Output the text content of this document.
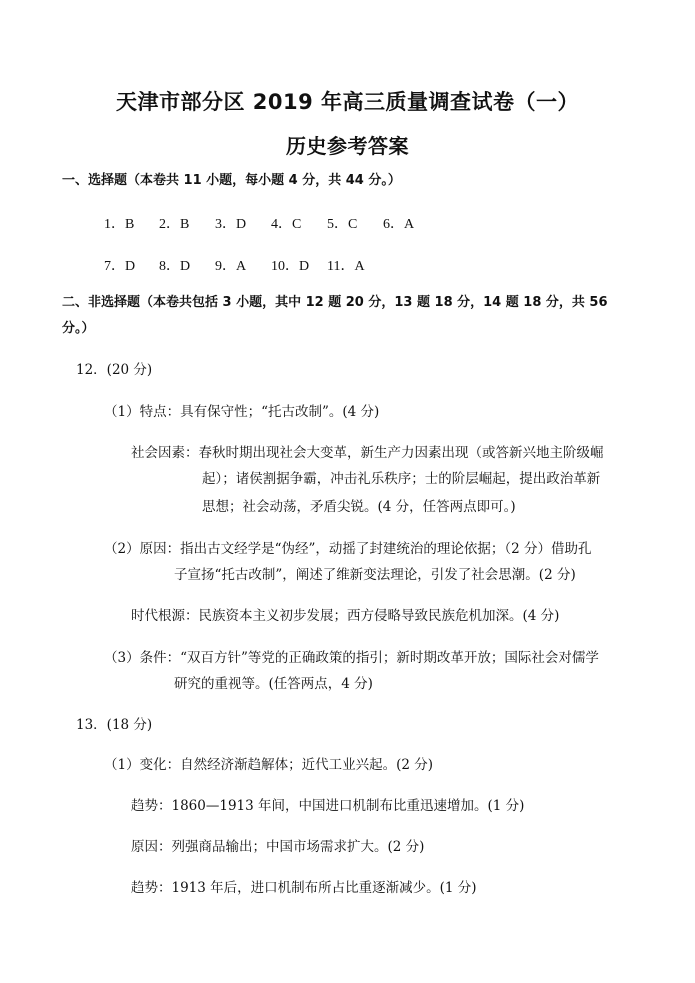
天津市部分区 2019 年高三质量调查试卷（一）
历史参考答案
一、选择题（本卷共 11 小题，每小题 4 分，共 44 分。）
1．B 2．B 3．D 4．C 5．C 6．A
7．D 8．D 9．A 10．D 11．A
二、非选择题（本卷共包括 3 小题，其中 12 题 20 分，13 题 18 分，14 题 18 分，共 56
分。）
12．(20 分)
（1）特点：具有保守性；“托古改制”。(4 分)
社会因素：春秋时期出现社会大变革，新生产力因素出现（或答新兴地主阶级崛
起）；诸侯割据争霸，冲击礼乐秩序；士的阶层崛起，提出政治革新
思想；社会动荡，矛盾尖锐。(4 分，任答两点即可。)
（2）原因：指出古文经学是“伪经”，动摇了封建统治的理论依据；（2 分）借助孔
子宣扬“托古改制”，阐述了维新变法理论，引发了社会思潮。(2 分)
时代根源：民族资本主义初步发展；西方侵略导致民族危机加深。(4 分)
（3）条件：“双百方针”等党的正确政策的指引；新时期改革开放；国际社会对儒学
研究的重视等。(任答两点，4 分)
13．(18 分)
（1）变化：自然经济渐趋解体；近代工业兴起。(2 分)
趋势：1860—1913 年间，中国进口机制布比重迅速增加。(1 分)
原因：列强商品输出；中国市场需求扩大。(2 分)
趋势：1913 年后，进口机制布所占比重逐渐减少。(1 分)
